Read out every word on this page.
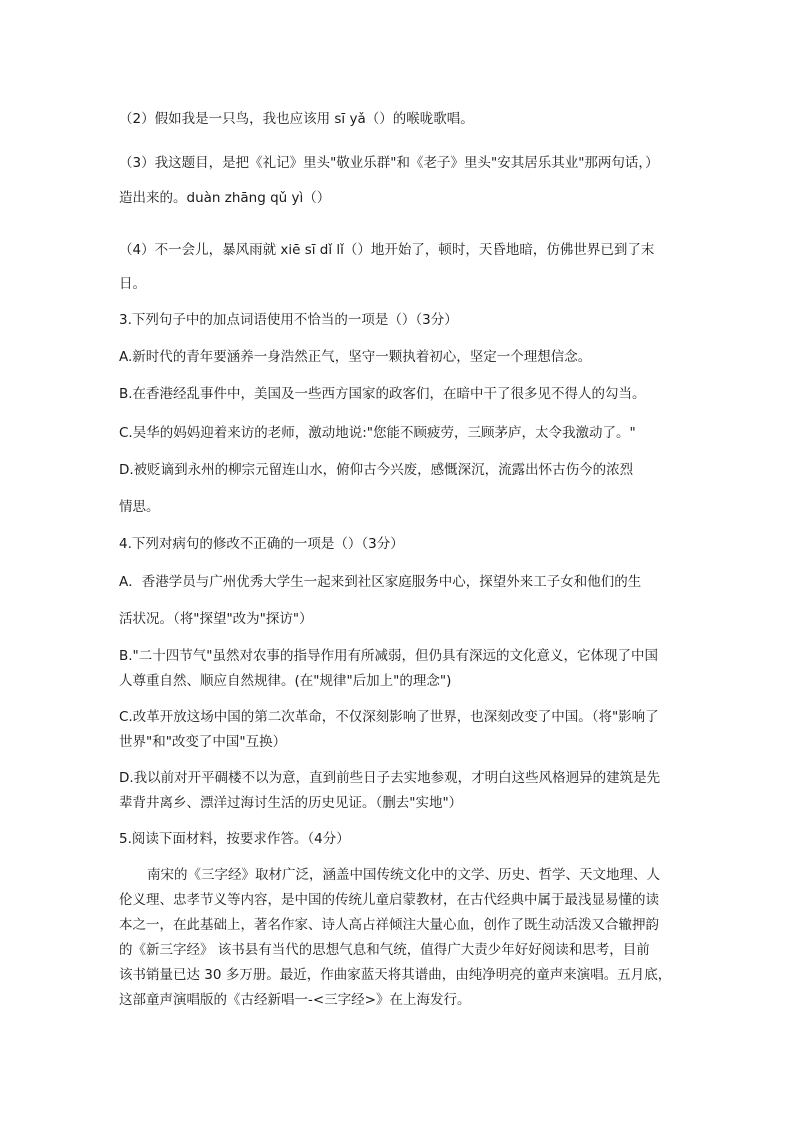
（2）假如我是一只鸟，我也应该用 sī yǎ（）的喉咙歌唱。
（3）我这题目，是把《礼记》里头"敬业乐群"和《老子》里头"安其居乐其业"那两句话，）
造出来的。duàn zhāng qǔ yì（）
（4）不一会儿，暴风雨就 xiē sī dǐ lǐ（）地开始了，顿时，天昏地暗，仿佛世界已到了末
日。
3.下列句子中的加点词语使用不恰当的一项是（）（3分）
A.新时代的青年要涵养一身浩然正气，坚守一颗执着初心，坚定一个理想信念。
B.在香港经乱事件中，美国及一些西方国家的政客们，在暗中干了很多见不得人的勾当。
C.吴华的妈妈迎着来访的老师，激动地说:"您能不顾疲劳，三顾茅庐，太令我激动了。"
D.被贬谪到永州的柳宗元留连山水，俯仰古今兴废，感慨深沉，流露出怀古伤今的浓烈
情思。
4.下列对病句的修改不正确的一项是（）（3分）
A．香港学员与广州优秀大学生一起来到社区家庭服务中心，探望外来工子女和他们的生
活状况。（将"探望"改为"探访"）
B."二十四节气"虽然对农事的指导作用有所减弱，但仍具有深远的文化意义，它体现了中国
人尊重自然、顺应自然规律。(在"规律"后加上"的理念")
C.改革开放这场中国的第二次革命，不仅深刻影响了世界，也深刻改变了中国。（将"影响了
世界"和"改变了中国"互换）
D.我以前对开平碉楼不以为意，直到前些日子去实地参观，才明白这些风格迥异的建筑是先
辈背井离乡、漂洋过海讨生活的历史见证。（删去"实地"）
5.阅读下面材料，按要求作答。（4分）
南宋的《三字经》取材广泛，涵盖中国传统文化中的文学、历史、哲学、天文地理、人
伦义理、忠孝节义等内容，是中国的传统儿童启蒙教材，在古代经典中属于最浅显易懂的读
本之一，在此基础上，著名作家、诗人高占祥倾注大量心血，创作了既生动活泼又合辙押韵
的《新三字经》 该书县有当代的思想气息和气统，值得广大责少年好好阅读和思考，目前
该书销量已达 30 多万册。最近，作曲家蓝天将其谱曲，由纯净明亮的童声来演唱。五月底，
这部童声演唱版的《古经新唱一-<三字经>》在上海发行。
